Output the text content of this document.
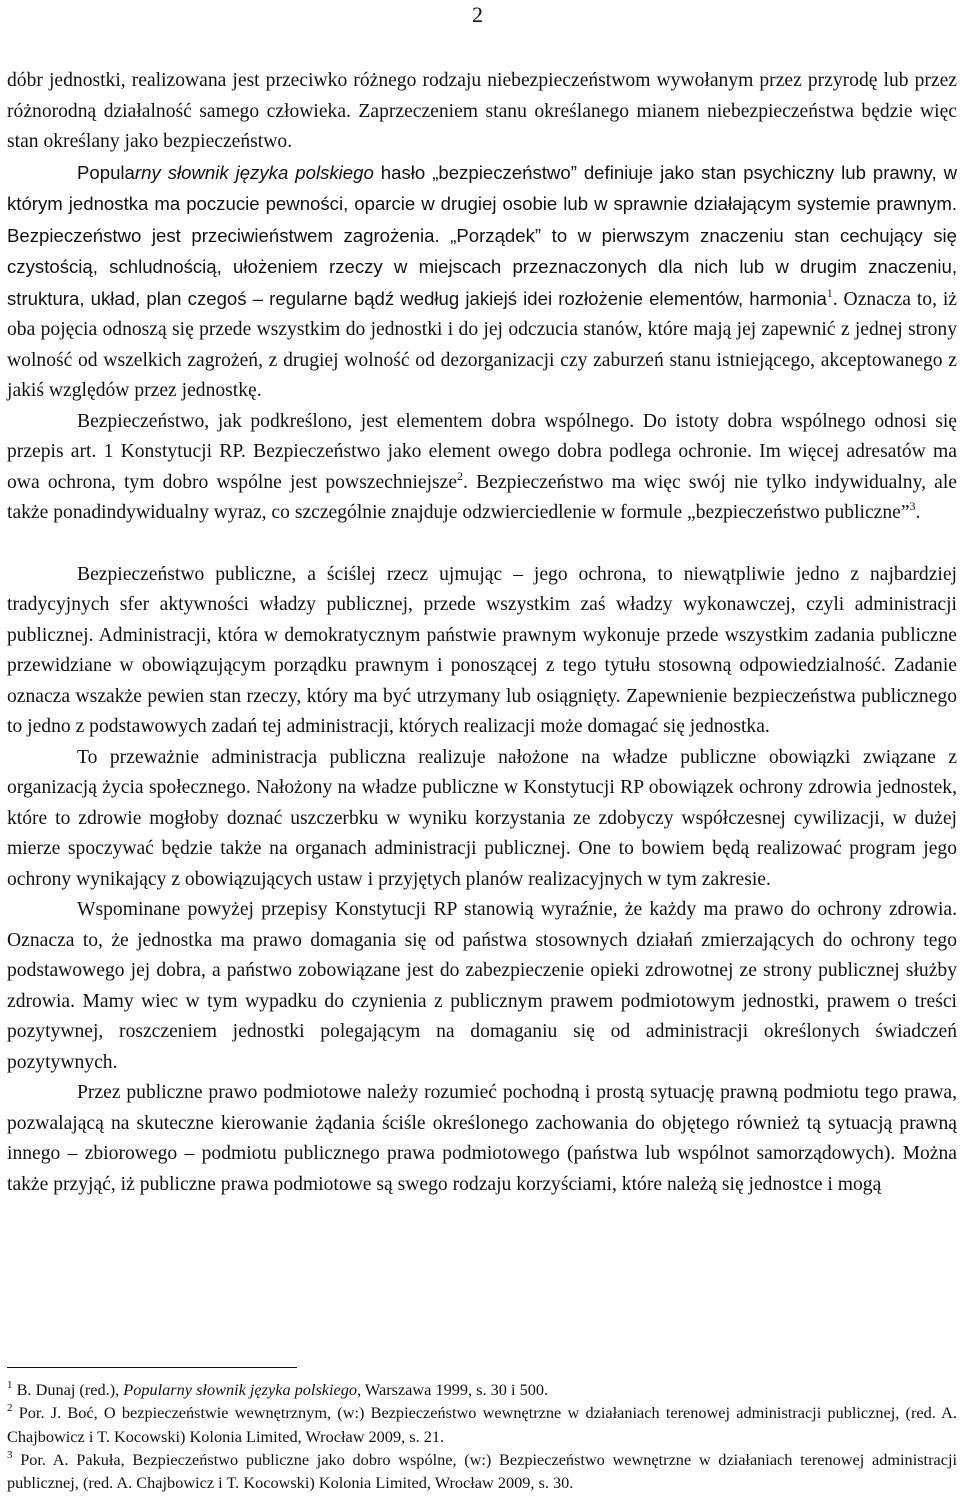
2

dóbr jednostki, realizowana jest przeciwko różnego rodzaju niebezpieczeństwom wywołanym przez przyrodę lub przez różnorodną działalność samego człowieka. Zaprzeczeniem stanu określanego mianem niebezpieczeństwa będzie więc stan określany jako bezpieczeństwo.
Popularny słownik języka polskiego hasło „bezpieczeństwo” definiuje jako stan psychiczny lub prawny, w którym jednostka ma poczucie pewności, oparcie w drugiej osobie lub w sprawnie działającym systemie prawnym. Bezpieczeństwo jest przeciwieństwem zagrożenia. „Porządek” to w pierwszym znaczeniu stan cechujący się czystością, schludnością, ułożeniem rzeczy w miejscach przeznaczonych dla nich lub w drugim znaczeniu, struktura, układ, plan czegoś – regularne bądź według jakiejś idei rozłożenie elementów, harmonia$^1$. Oznacza to, iż oba pojęcia odnoszą się przede wszystkim do jednostki i do jej odczucia stanów, które mają jej zapewnić z jednej strony wolność od wszelkich zagrożeń, z drugiej wolność od dezorganizacji czy zaburzeń stanu istniejącego, akceptowanego z jakiś względów przez jednostkę.

Bezpieczeństwo, jak podkreślono, jest elementem dobra wspólnego. Do istoty dobra wspólnego odnosi się przepis art. 1 Konstytucji RP. Bezpieczeństwo jako element owego dobra podlega ochronie. Im więcej adresatów ma owa ochrona, tym dobro wspólne jest powszechniejsze$^2$. Bezpieczeństwo ma więc swój nie tylko indywidualny, ale także ponadindywidualny wyraz, co szczególnie znajduje odzwierciedlenie w formule „bezpieczeństwo publiczne”$^3$.

Bezpieczeństwo publiczne, a ściślej rzecz ujmując – jego ochrona, to niewątpliwie jedno z najbardziej tradycyjnych sfer aktywności władzy publicznej, przede wszystkim zaś władzy wykonawczej, czyli administracji publicznej. Administracji, która w demokratycznym państwie prawnym wykonuje przede wszystkim zadania publiczne przewidziane w obowiązującym porządku prawnym i ponoszącej z tego tytułu stosowną odpowiedzialność. Zadanie oznacza wszakże pewien stan rzeczy, który ma być utrzymany lub osiągnięty. Zapewnienie bezpieczeństwa publicznego to jedno z podstawowych zadań tej administracji, których realizacji może domagać się jednostka.

To przeważnie administracja publiczna realizuje nałożone na władze publiczne obowiązki związane z organizacją życia społecznego. Nałożony na władze publiczne w Konstytucji RP obowiązek ochrony zdrowia jednostek, które to zdrowie mogłoby doznać uszczerbku w wyniku korzystania ze zdobyczy współczesnej cywilizacji, w dużej mierze spoczywać będzie także na organach administracji publicznej. One to bowiem będą realizować program jego ochrony wynikający z obowiązujących ustaw i przyjętych planów realizacyjnych w tym zakresie.

Wspominane powyżej przepisy Konstytucji RP stanowią wyraźnie, że każdy ma prawo do ochrony zdrowia. Oznacza to, że jednostka ma prawo domagania się od państwa stosownych działań zmierzających do ochrony tego podstawowego jej dobra, a państwo zobowiązane jest do zabezpieczenie opieki zdrowotnej ze strony publicznej służby zdrowia. Mamy wiec w tym wypadku do czynienia z publicznym prawem podmiotowym jednostki, prawem o treści pozytywnej, roszczeniem jednostki polegającym na domaganiu się od administracji określonych świadczeń pozytywnych.

Przez publiczne prawo podmiotowe należy rozumieć pochodną i prostą sytuację prawną podmiotu tego prawa, pozwalającą na skuteczne kierowanie żądania ściśle określonego zachowania do objętego również tą sytuacją prawną innego – zbiorowego – podmiotu publicznego prawa podmiotowego (państwa lub wspólnot samorządowych). Można także przyjąć, iż publiczne prawa podmiotowe są swego rodzaju korzyściami, które należą się jednostce i mogą

$^1$ B. Dunaj (red.), Popularny słownik języka polskiego, Warszawa 1999, s. 30 i 500.

$^2$ Por. J. Boć, O bezpieczeństwie wewnętrznym, (w:) Bezpieczeństwo wewnętrzne w działaniach terenowej administracji publicznej, (red. A. Chajbowicz i T. Kocowski) Kolonia Limited, Wrocław 2009, s. 21.

$^3$ Por. A. Pakuła, Bezpieczeństwo publiczne jako dobro wspólne, (w:) Bezpieczeństwo wewnętrzne w działaniach terenowej administracji publicznej, (red. A. Chajbowicz i T. Kocowski) Kolonia Limited, Wrocław 2009, s. 30.
